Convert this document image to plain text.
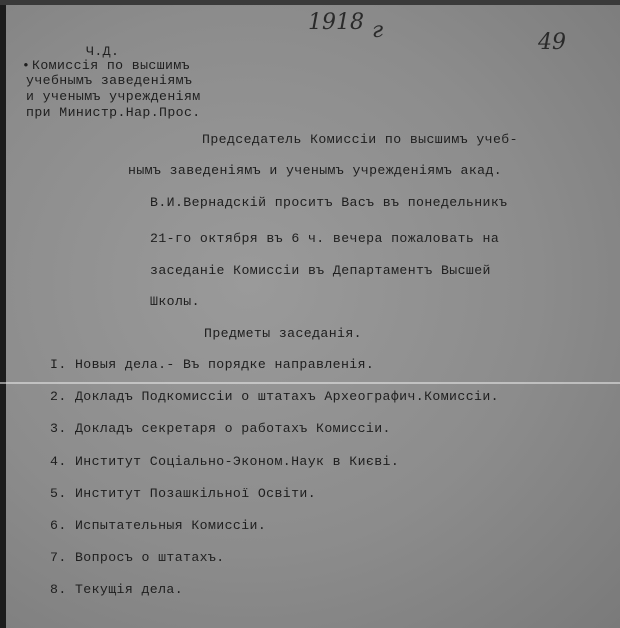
1918 г	49
•
Ч.Д.
Комиссія по высшимъ
учебнымъ заведеніямъ
и ученымъ учрежденіям
при Министр.Нар.Прос.
Председатель Комиссіи по высшимъ учеб-
нымъ заведеніямъ и ученымъ учрежденіямъ акад.
В.И.Вернадскій проситъ Васъ въ понедельникъ
21-го октября въ 6 ч. вечера пожаловать на
заседаніе Комиссіи въ Департаментъ Высшей
Школы.
Предметы заседанія.
I. Новыя дела.- Въ порядке направленія.
2. Докладъ Подкомиссіи о штатахъ Археографич.Комиссіи.
3. Докладъ секретаря о работахъ Комиссіи.
4. Институт Соціально-Эконом.Наук в Києві.
5. Институт Позашкільної Освіти.
6. Испытательныя Комиссіи.
7. Вопросъ о штатахъ.
8. Текущія дела.
